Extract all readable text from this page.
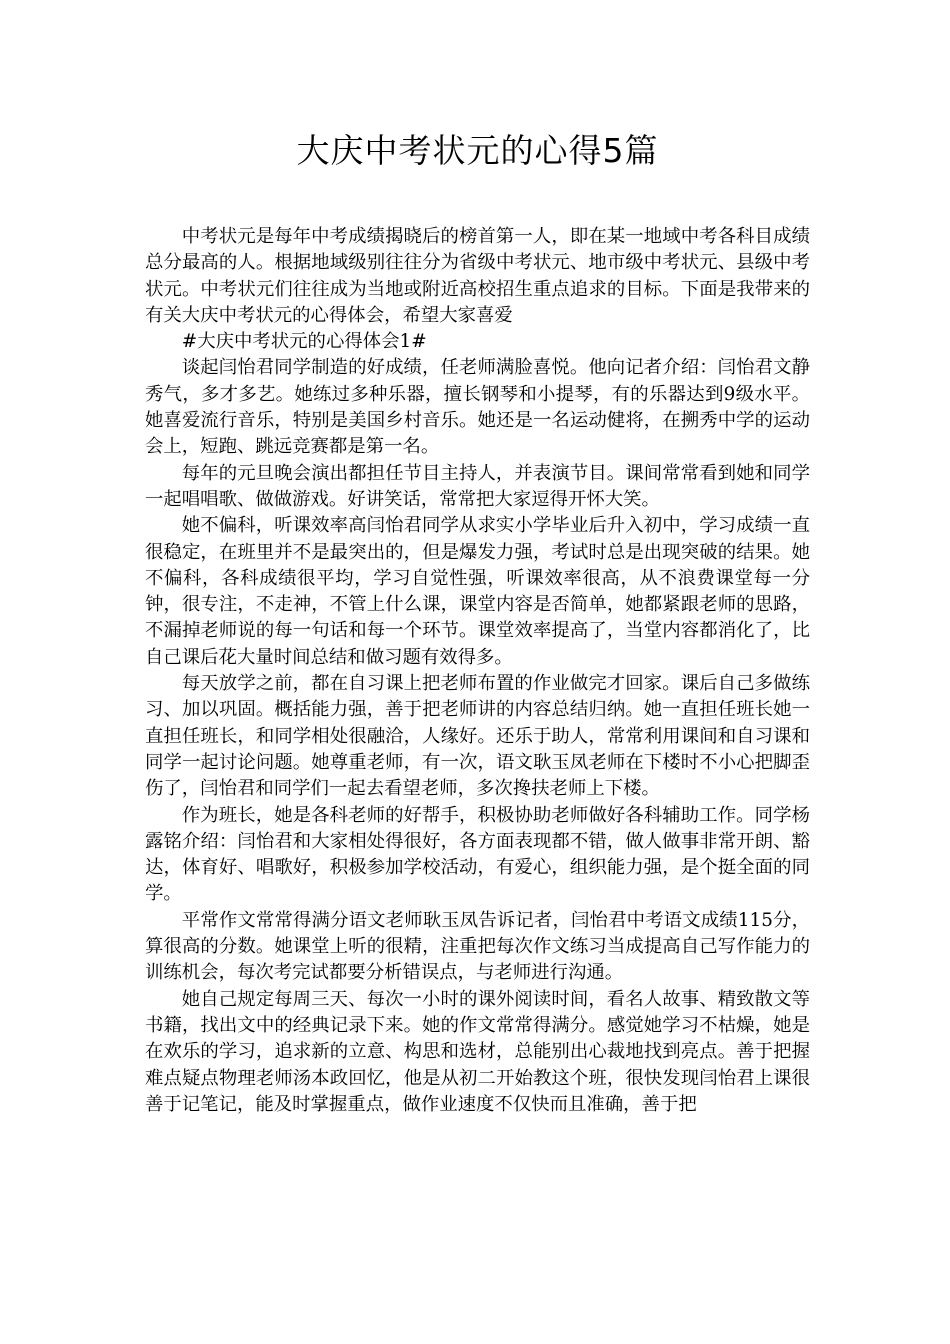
大庆中考状元的心得5篇

中考状元是每年中考成绩揭晓后的榜首第一人，即在某一地域中考各科目成绩总分最高的人。根据地域级别往往分为省级中考状元、地市级中考状元、县级中考状元。中考状元们往往成为当地或附近高校招生重点追求的目标。下面是我带来的有关大庆中考状元的心得体会，希望大家喜爱

#大庆中考状元的心得体会1#

谈起闫怡君同学制造的好成绩，任老师满脸喜悦。他向记者介绍：闫怡君文静秀气，多才多艺。她练过多种乐器，擅长钢琴和小提琴，有的乐器达到9级水平。她喜爱流行音乐，特别是美国乡村音乐。她还是一名运动健将，在搠秀中学的运动会上，短跑、跳远竞赛都是第一名。

每年的元旦晚会演出都担任节目主持人，并表演节目。课间常常看到她和同学一起唱唱歌、做做游戏。好讲笑话，常常把大家逗得开怀大笑。

她不偏科，听课效率高闫怡君同学从求实小学毕业后升入初中，学习成绩一直很稳定，在班里并不是最突出的，但是爆发力强，考试时总是出现突破的结果。她不偏科，各科成绩很平均，学习自觉性强，听课效率很高，从不浪费课堂每一分钟，很专注，不走神，不管上什么课，课堂内容是否简单，她都紧跟老师的思路，不漏掉老师说的每一句话和每一个环节。课堂效率提高了，当堂内容都消化了，比自己课后花大量时间总结和做习题有效得多。

每天放学之前，都在自习课上把老师布置的作业做完才回家。课后自己多做练习、加以巩固。概括能力强，善于把老师讲的内容总结归纳。她一直担任班长她一直担任班长，和同学相处很融洽，人缘好。还乐于助人，常常利用课间和自习课和同学一起讨论问题。她尊重老师，有一次，语文耿玉凤老师在下楼时不小心把脚歪伤了，闫怡君和同学们一起去看望老师，多次搀扶老师上下楼。

作为班长，她是各科老师的好帮手，积极协助老师做好各科辅助工作。同学杨露铭介绍：闫怡君和大家相处得很好，各方面表现都不错，做人做事非常开朗、豁达，体育好、唱歌好，积极参加学校活动，有爱心，组织能力强，是个挺全面的同学。

平常作文常常得满分语文老师耿玉凤告诉记者，闫怡君中考语文成绩115分，算很高的分数。她课堂上听的很精，注重把每次作文练习当成提高自己写作能力的训练机会，每次考完试都要分析错误点，与老师进行沟通。

她自己规定每周三天、每次一小时的课外阅读时间，看名人故事、精致散文等书籍，找出文中的经典记录下来。她的作文常常得满分。感觉她学习不枯燥，她是在欢乐的学习，追求新的立意、构思和选材，总能别出心裁地找到亮点。善于把握难点疑点物理老师汤本政回忆，他是从初二开始教这个班，很快发现闫怡君上课很善于记笔记，能及时掌握重点，做作业速度不仅快而且准确，善于把
